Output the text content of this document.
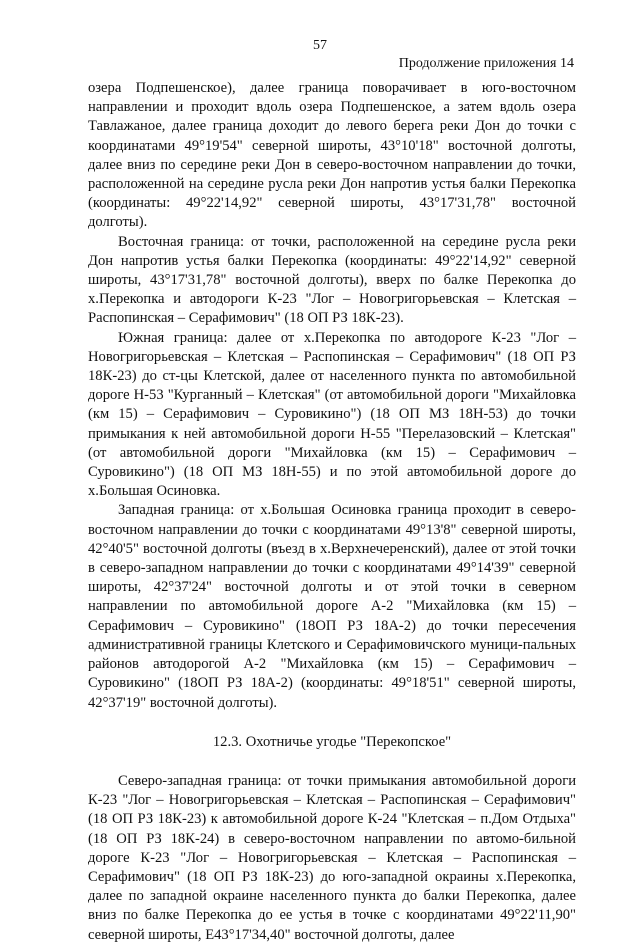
57
Продолжение приложения 14

озера Подпешенское), далее граница поворачивает в юго-восточном направлении и проходит вдоль озера Подпешенское, а затем вдоль озера Тавлажаное, далее граница доходит до левого берега реки Дон до точки с координатами 49°19'54" северной широты, 43°10'18" восточной долготы, далее вниз по середине реки Дон в северо-восточном направлении до точки, расположенной на середине русла реки Дон напротив устья балки Перекопка (координаты: 49°22'14,92" северной широты, 43°17'31,78" восточной долготы).

Восточная граница: от точки, расположенной на середине русла реки Дон напротив устья балки Перекопка (координаты: 49°22'14,92" северной широты, 43°17'31,78" восточной долготы), вверх по балке Перекопка до х.Перекопка и автодороги К-23 "Лог – Новогригорьевская – Клетская – Распопинская – Серафимович" (18 ОП РЗ 18К-23).

Южная граница: далее от х.Перекопка по автодороге К-23 "Лог – Новогригорьевская – Клетская – Распопинская – Серафимович" (18 ОП РЗ 18К-23) до ст-цы Клетской, далее от населенного пункта по автомобильной дороге Н-53 "Курганный – Клетская" (от автомобильной дороги "Михайловка (км 15) – Серафимович – Суровикино") (18 ОП МЗ 18Н-53) до точки примыкания к ней автомобильной дороги Н-55 "Перелазовский – Клетская" (от автомобильной дороги "Михайловка (км 15) – Серафимович – Суровикино") (18 ОП МЗ 18Н-55) и по этой автомобильной дороге до х.Большая Осиновка.

Западная граница: от х.Большая Осиновка граница проходит в северо-восточном направлении до точки с координатами 49°13'8" северной широты, 42°40'5" восточной долготы (въезд в х.Верхнечеренский), далее от этой точки в северо-западном направлении до точки с координатами 49°14'39" северной широты, 42°37'24" восточной долготы и от этой точки в северном направлении по автомобильной дороге А-2 "Михайловка (км 15) – Серафимович – Суровикино" (18ОП РЗ 18А-2) до точки пересечения административной границы Клетского и Серафимовичского муници-пальных районов автодорогой А-2 "Михайловка (км 15) – Серафимович – Суровикино" (18ОП РЗ 18А-2) (координаты: 49°18'51" северной широты, 42°37'19" восточной долготы).

12.3. Охотничье угодье "Перекопское"

Северо-западная граница: от точки примыкания автомобильной дороги К-23 "Лог – Новогригорьевская – Клетская – Распопинская – Серафимович" (18 ОП РЗ 18К-23) к автомобильной дороге К-24 "Клетская – п.Дом Отдыха" (18 ОП РЗ 18К-24) в северо-восточном направлении по автомо-бильной дороге К-23 "Лог – Новогригорьевская – Клетская – Распопинская – Серафимович" (18 ОП РЗ 18К-23) до юго-западной окраины х.Перекопка, далее по западной окраине населенного пункта до балки Перекопка, далее вниз по балке Перекопка до ее устья в точке с координатами 49°22'11,90" северной широты, Е43°17'34,40" восточной долготы, далее
